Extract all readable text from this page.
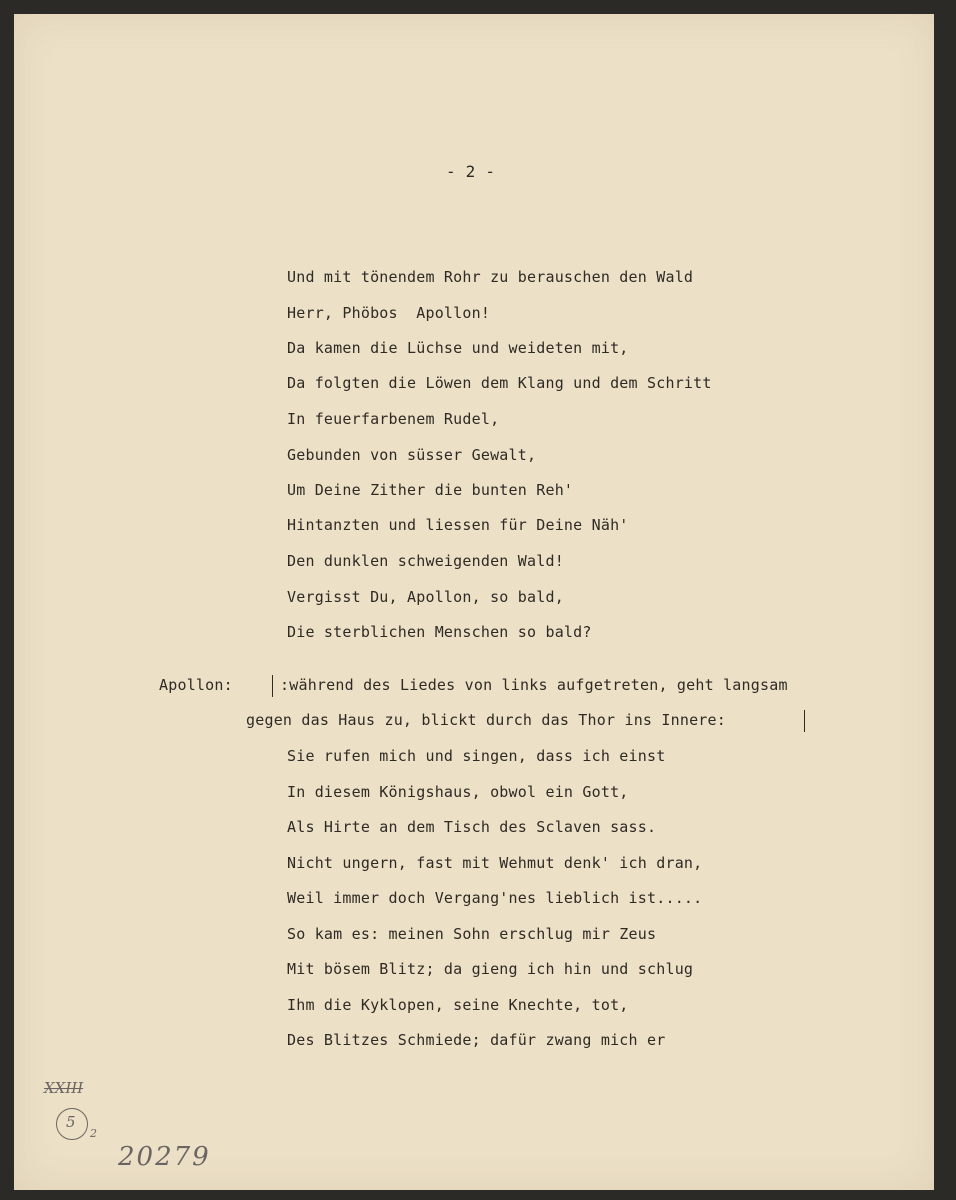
- 2 -
Und mit tönendem Rohr zu berauschen den Wald
Herr, Phöbos  Apollon!
Da kamen die Lüchse und weideten mit,
Da folgten die Löwen dem Klang und dem Schritt
In feuerfarbenem Rudel,
Gebunden von süsser Gewalt,
Um Deine Zither die bunten Reh'
Hintanzten und liessen für Deine Näh'
Den dunklen schweigenden Wald!
Vergisst Du, Apollon, so bald,
Die sterblichen Menschen so bald?
Apollon:	:während des Liedes von links aufgetreten, geht langsam
gegen das Haus zu, blickt durch das Thor ins Innere:
Sie rufen mich und singen, dass ich einst
In diesem Königshaus, obwol ein Gott,
Als Hirte an dem Tisch des Sclaven sass.
Nicht ungern, fast mit Wehmut denk' ich dran,
Weil immer doch Vergang'nes lieblich ist.....
So kam es: meinen Sohn erschlug mir Zeus
Mit bösem Blitz; da gieng ich hin und schlug
Ihm die Kyklopen, seine Knechte, tot,
Des Blitzes Schmiede; dafür zwang mich er
XXIII
5
2
20279
